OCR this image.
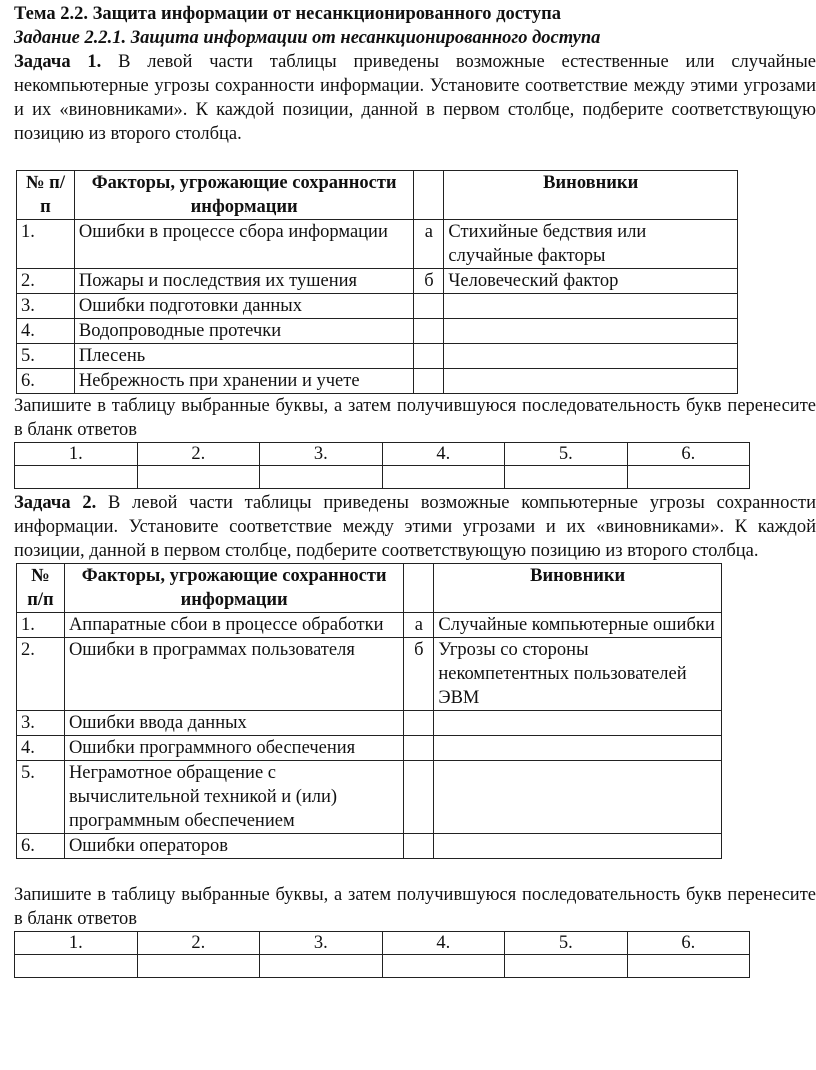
Тема 2.2. Защита информации от несанкционированного доступа

Задание 2.2.1. Защита информации от несанкционированного доступа

Задача 1. В левой части таблицы приведены возможные естественные или случайные некомпьютерные угрозы сохранности информации. Установите соответствие между этими угрозами и их «виновниками». К каждой позиции, данной в первом столбце, подберите соответствующую позицию из второго столбца.

№ п/п	Факторы, угрожающие сохранности информации		Виновники
1.	Ошибки в процессе сбора информации	а	Стихийные бедствия или случайные факторы
2.	Пожары и последствия их тушения	б	Человеческий фактор
3.	Ошибки подготовки данных		
4.	Водопроводные протечки		
5.	Плесень		
6.	Небрежность при хранении и учете		

Запишите в таблицу выбранные буквы, а затем получившуюся последовательность букв перенесите в бланк ответов

1.	2.	3.	4.	5.	6.

Задача 2. В левой части таблицы приведены возможные компьютерные угрозы сохранности информации. Установите соответствие между этими угрозами и их «виновниками». К каждой позиции, данной в первом столбце, подберите соответствующую позицию из второго столбца.

№ п/п	Факторы, угрожающие сохранности информации		Виновники
1.	Аппаратные сбои в процессе обработки	а	Случайные компьютерные ошибки
2.	Ошибки в программах пользователя	б	Угрозы со стороны некомпетентных пользователей ЭВМ
3.	Ошибки ввода данных		
4.	Ошибки программного обеспечения		
5.	Неграмотное обращение с вычислительной техникой и (или) программным обеспечением		
6.	Ошибки операторов		

Запишите в таблицу выбранные буквы, а затем получившуюся последовательность букв перенесите в бланк ответов

1.	2.	3.	4.	5.	6.
